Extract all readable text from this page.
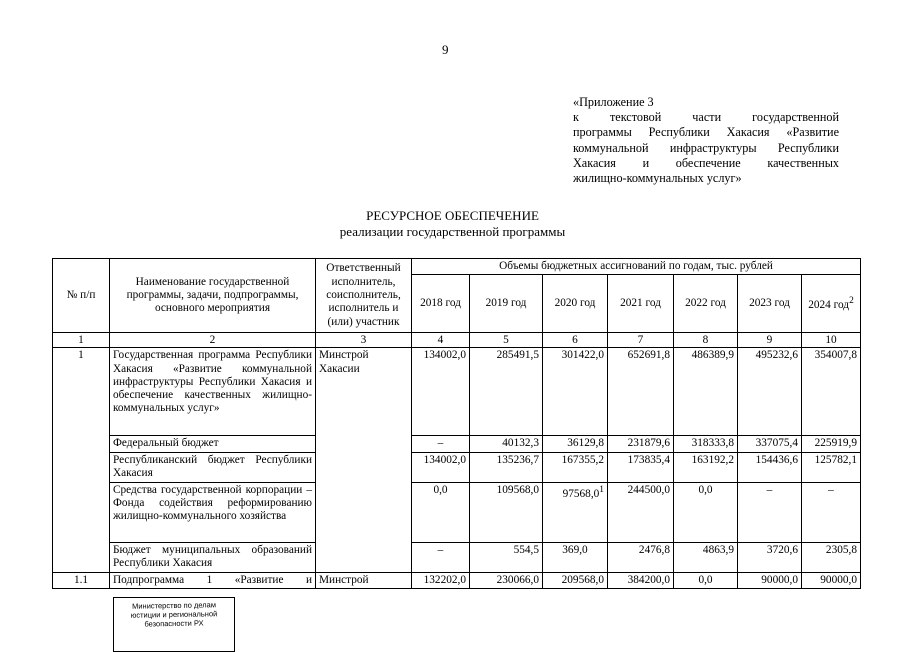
9
«Приложение 3
к текстовой части государственной
программы Республики Хакасия «Развитие
коммунальной инфраструктуры Республики
Хакасия и обеспечение качественных
жилищно-коммунальных услуг»
РЕСУРСНОЕ ОБЕСПЕЧЕНИЕ
реализации государственной программы
№ п/п	Наименование государственной программы, задачи, подпрограммы, основного мероприятия	Ответственный исполнитель, соисполнитель, исполнитель и (или) участник	Объемы бюджетных ассигнований по годам, тыс. рублей						
			2018 год	2019 год	2020 год	2021 год	2022 год	2023 год	2024 год$^2$
1	2	3	4	5	6	7	8	9	10
1	Государственная программа Республики Хакасия «Развитие коммунальной инфраструктуры Республики Хакасия и обеспечение качественных жилищно-коммунальных услуг»	Минстрой Хакасии	134002,0	285491,5	301422,0	652691,8	486389,9	495232,6	354007,8
	Федеральный бюджет		–	40132,3	36129,8	231879,6	318333,8	337075,4	225919,9
	Республиканский бюджет Республики Хакасия		134002,0	135236,7	167355,2	173835,4	163192,2	154436,6	125782,1
	Средства государственной корпорации – Фонда содействия реформированию жилищно-коммунального хозяйства		0,0	109568,0	97568,0$^1$	244500,0	0,0	–	–
	Бюджет муниципальных образований Республики Хакасия		–	554,5	369,0	2476,8	4863,9	3720,6	2305,8
1.1	Подпрограмма 1 «Развитие и	Минстрой	132202,0	230066,0	209568,0	384200,0	0,0	90000,0	90000,0
Министерство по делам
юстиции и региональной
безопасности РХ
